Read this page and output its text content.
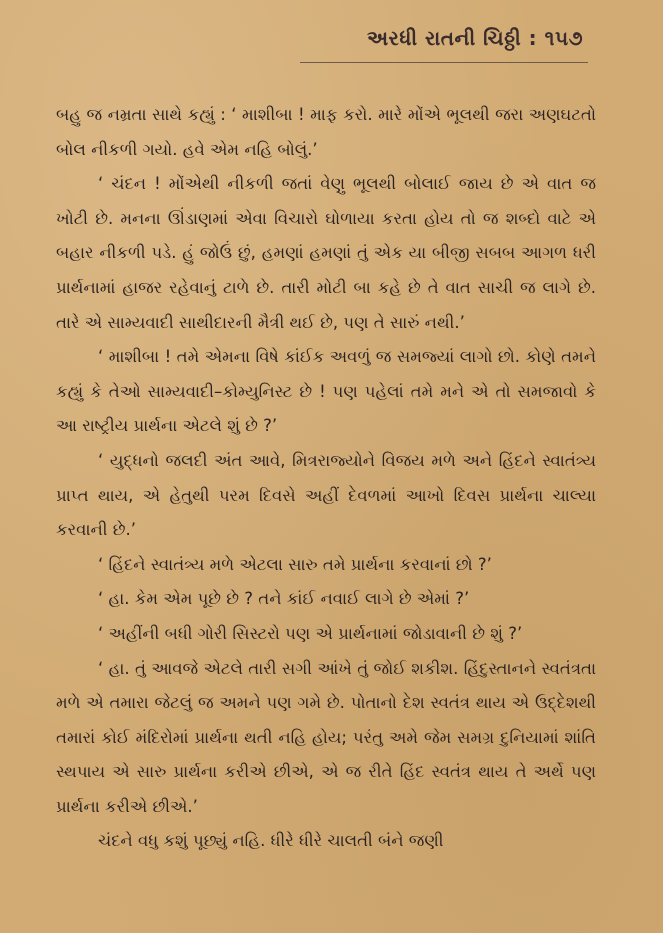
અરધી રાતની ચિઠ્ઠી : ૧૫૭

બહુ જ નમ્રતા સાથે કહ્યું : ‘ માશીબા ! માફ કરો. મારે મોંએ ભૂલથી જરા અણઘટતો બોલ નીકળી ગયો. હવે એમ નહિ બોલું.’

‘ ચંદન ! મોંએથી નીકળી જતાં વેણુ ભૂલથી બોલાઈ જાય છે એ વાત જ ખોટી છે. મનના ઊંડાણમાં એવા વિચારો ઘોળાયા કરતા હોય તો જ શબ્દો વાટે એ બહાર નીકળી પડે. હું જોઉં છું, હમણાં હમણાં તું એક યા બીજી સબબ આગળ ધરી પ્રાર્થનામાં હાજર રહેવાનું ટાળે છે. તારી મોટી બા કહે છે તે વાત સાચી જ લાગે છે. તારે એ સામ્યવાદી સાથીદારની મૈત્રી થઈ છે, પણ તે સારું નથી.’

‘ માશીબા ! તમે એમના વિષે કાંઈક અવળું જ સમજ્યાં લાગો છો. કોણે તમને કહ્યું કે તેઓ સામ્યવાદી–કોમ્યુનિસ્ટ છે ! પણ પહેલાં તમે મને એ તો સમજાવો કે આ રાષ્ટ્રીય પ્રાર્થના એટલે શું છે ?’

‘ યુદ્ધનો જલદી અંત આવે, મિત્રરાજ્યોને વિજય મળે અને હિંદને સ્વાતંત્ર્ય પ્રાપ્ત થાય, એ હેતુથી પરમ દિવસે અહીં દેવળમાં આખો દિવસ પ્રાર્થના ચાલ્યા કરવાની છે.’

‘ હિંદને સ્વાતંત્ર્ય મળે એટલા સારુ તમે પ્રાર્થના કરવાનાં છો ?’

‘ હા. કેમ એમ પૂછે છે ? તને કાંઈ નવાઈ લાગે છે એમાં ?’

‘ અહીંની બધી ગોરી સિસ્ટરો પણ એ પ્રાર્થનામાં જોડાવાની છે શું ?’

‘ હા. તું આવજે એટલે તારી સગી આંખે તું જોઈ શકીશ. હિંદુસ્તાનને સ્વતંત્રતા મળે એ તમારા જેટલું જ અમને પણ ગમે છે. પોતાનો દેશ સ્વતંત્ર થાય એ ઉદ્દેશથી તમારાં કોઈ મંદિરોમાં પ્રાર્થના થતી નહિ હોય; પરંતુ અમે જેમ સમગ્ર દુનિયામાં શાંતિ સ્થપાય એ સારુ પ્રાર્થના કરીએ છીએ, એ જ રીતે હિંદ સ્વતંત્ર થાય તે અર્થે પણ પ્રાર્થના કરીએ છીએ.’

ચંદને વધુ કશું પૂછ્યું નહિ. ધીરે ધીરે ચાલતી બંને જણી
